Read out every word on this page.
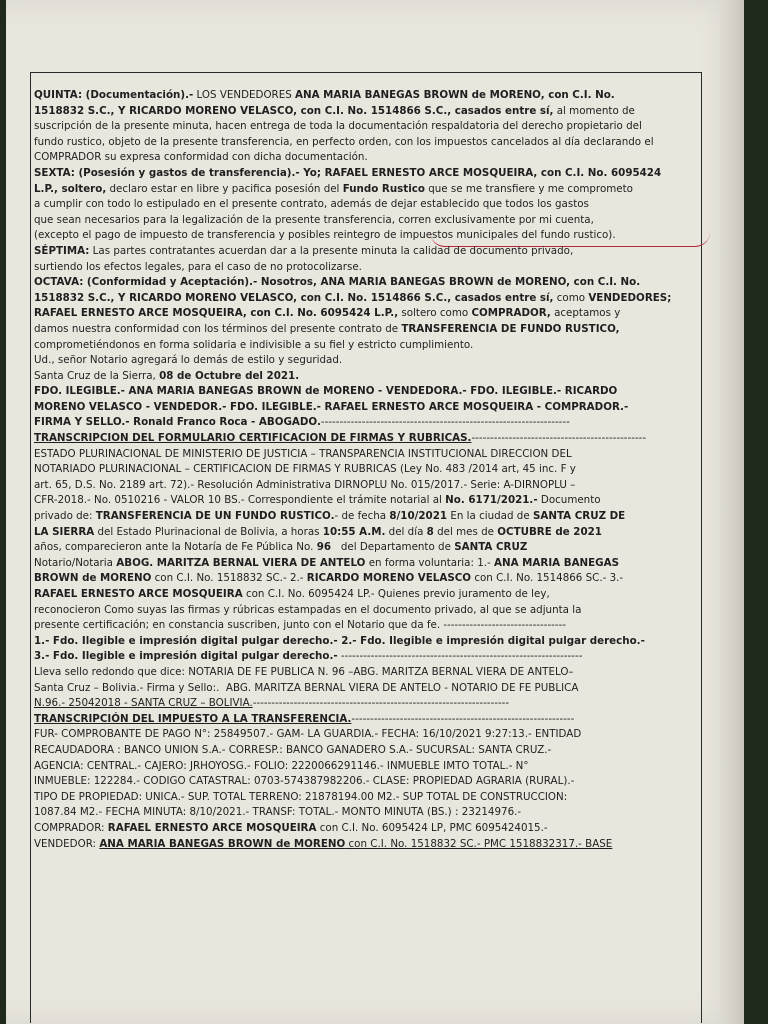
QUINTA: (Documentación).- LOS VENDEDORES ANA MARIA BANEGAS BROWN de MORENO, con C.I. No.
1518832 S.C., Y RICARDO MORENO VELASCO, con C.I. No. 1514866 S.C., casados entre sí, al momento de
suscripción de la presente minuta, hacen entrega de toda la documentación respaldatoria del derecho propietario del
fundo rustico, objeto de la presente transferencia, en perfecto orden, con los impuestos cancelados al día declarando el
COMPRADOR su expresa conformidad con dicha documentación.
SEXTA: (Posesión y gastos de transferencia).- Yo; RAFAEL ERNESTO ARCE MOSQUEIRA, con C.I. No. 6095424
L.P., soltero, declaro estar en libre y pacifica posesión del Fundo Rustico que se me transfiere y me comprometo
a cumplir con todo lo estipulado en el presente contrato, además de dejar establecido que todos los gastos
que sean necesarios para la legalización de la presente transferencia, corren exclusivamente por mi cuenta,
(excepto el pago de impuesto de transferencia y posibles reintegro de impuestos municipales del fundo rustico).
SÉPTIMA: Las partes contratantes acuerdan dar a la presente minuta la calidad de documento privado,
surtiendo los efectos legales, para el caso de no protocolizarse.
OCTAVA: (Conformidad y Aceptación).- Nosotros, ANA MARIA BANEGAS BROWN de MORENO, con C.I. No.
1518832 S.C., Y RICARDO MORENO VELASCO, con C.I. No. 1514866 S.C., casados entre sí, como VENDEDORES;
RAFAEL ERNESTO ARCE MOSQUEIRA, con C.I. No. 6095424 L.P., soltero como COMPRADOR, aceptamos y
damos nuestra conformidad con los términos del presente contrato de TRANSFERENCIA DE FUNDO RUSTICO,
comprometiéndonos en forma solidaria e indivisible a su fiel y estricto cumplimiento.
Ud., señor Notario agregará lo demás de estilo y seguridad.
Santa Cruz de la Sierra, 08 de Octubre del 2021.
FDO. ILEGIBLE.- ANA MARIA BANEGAS BROWN de MORENO - VENDEDORA.- FDO. ILEGIBLE.- RICARDO
MORENO VELASCO - VENDEDOR.- FDO. ILEGIBLE.- RAFAEL ERNESTO ARCE MOSQUEIRA - COMPRADOR.-
FIRMA Y SELLO.- Ronald Franco Roca - ABOGADO.-------------------------------------------------------------------
TRANSCRIPCION DEL FORMULARIO CERTIFICACION DE FIRMAS Y RUBRICAS.-----------------------------------------------
ESTADO PLURINACIONAL DE MINISTERIO DE JUSTICIA – TRANSPARENCIA INSTITUCIONAL DIRECCION DEL
NOTARIADO PLURINACIONAL – CERTIFICACION DE FIRMAS Y RUBRICAS (Ley No. 483 /2014 art, 45 inc. F y
art. 65, D.S. No. 2189 art. 72).- Resolución Administrativa DIRNOPLU No. 015/2017.- Serie: A-DIRNOPLU –
CFR-2018.- No. 0510216 - VALOR 10 BS.- Correspondiente el trámite notarial al No. 6171/2021.- Documento
privado de: TRANSFERENCIA DE UN FUNDO RUSTICO.- de fecha 8/10/2021 En la ciudad de SANTA CRUZ DE
LA SIERRA del Estado Plurinacional de Bolivia, a horas 10:55 A.M. del día 8 del mes de OCTUBRE de 2021
años, comparecieron ante la Notaría de Fe Pública No. 96   del Departamento de SANTA CRUZ
Notario/Notaria ABOG. MARITZA BERNAL VIERA DE ANTELO en forma voluntaria: 1.- ANA MARIA BANEGAS
BROWN de MORENO con C.I. No. 1518832 SC.- 2.- RICARDO MORENO VELASCO con C.I. No. 1514866 SC.- 3.-
RAFAEL ERNESTO ARCE MOSQUEIRA con C.I. No. 6095424 LP.- Quienes previo juramento de ley,
reconocieron Como suyas las firmas y rúbricas estampadas en el documento privado, al que se adjunta la
presente certificación; en constancia suscriben, junto con el Notario que da fe. ---------------------------------
1.- Fdo. Ilegible e impresión digital pulgar derecho.- 2.- Fdo. Ilegible e impresión digital pulgar derecho.-
3.- Fdo. Ilegible e impresión digital pulgar derecho.- -----------------------------------------------------------------
Lleva sello redondo que dice: NOTARIA DE FE PUBLICA N. 96 –ABG. MARITZA BERNAL VIERA DE ANTELO–
Santa Cruz – Bolivia.- Firma y Sello:.  ABG. MARITZA BERNAL VIERA DE ANTELO - NOTARIO DE FE PUBLICA
N.96.- 25042018 - SANTA CRUZ – BOLIVIA.---------------------------------------------------------------------
TRANSCRIPCIÓN DEL IMPUESTO A LA TRANSFERENCIA.------------------------------------------------------------
FUR- COMPROBANTE DE PAGO N°: 25849507.- GAM- LA GUARDIA.- FECHA: 16/10/2021 9:27:13.- ENTIDAD
RECAUDADORA : BANCO UNION S.A.- CORRESP.: BANCO GANADERO S.A.- SUCURSAL: SANTA CRUZ.-
AGENCIA: CENTRAL.- CAJERO: JRHOYOSG.- FOLIO: 2220066291146.- INMUEBLE IMTO TOTAL.- N°
INMUEBLE: 122284.- CODIGO CATASTRAL: 0703-574387982206.- CLASE: PROPIEDAD AGRARIA (RURAL).-
TIPO DE PROPIEDAD: UNICA.- SUP. TOTAL TERRENO: 21878194.00 M2.- SUP TOTAL DE CONSTRUCCION:
1087.84 M2.- FECHA MINUTA: 8/10/2021.- TRANSF: TOTAL.- MONTO MINUTA (BS.) : 23214976.-
COMPRADOR: RAFAEL ERNESTO ARCE MOSQUEIRA con C.I. No. 6095424 LP, PMC 6095424015.-
VENDEDOR: ANA MARIA BANEGAS BROWN de MORENO con C.I. No. 1518832 SC.- PMC 1518832317.- BASE
